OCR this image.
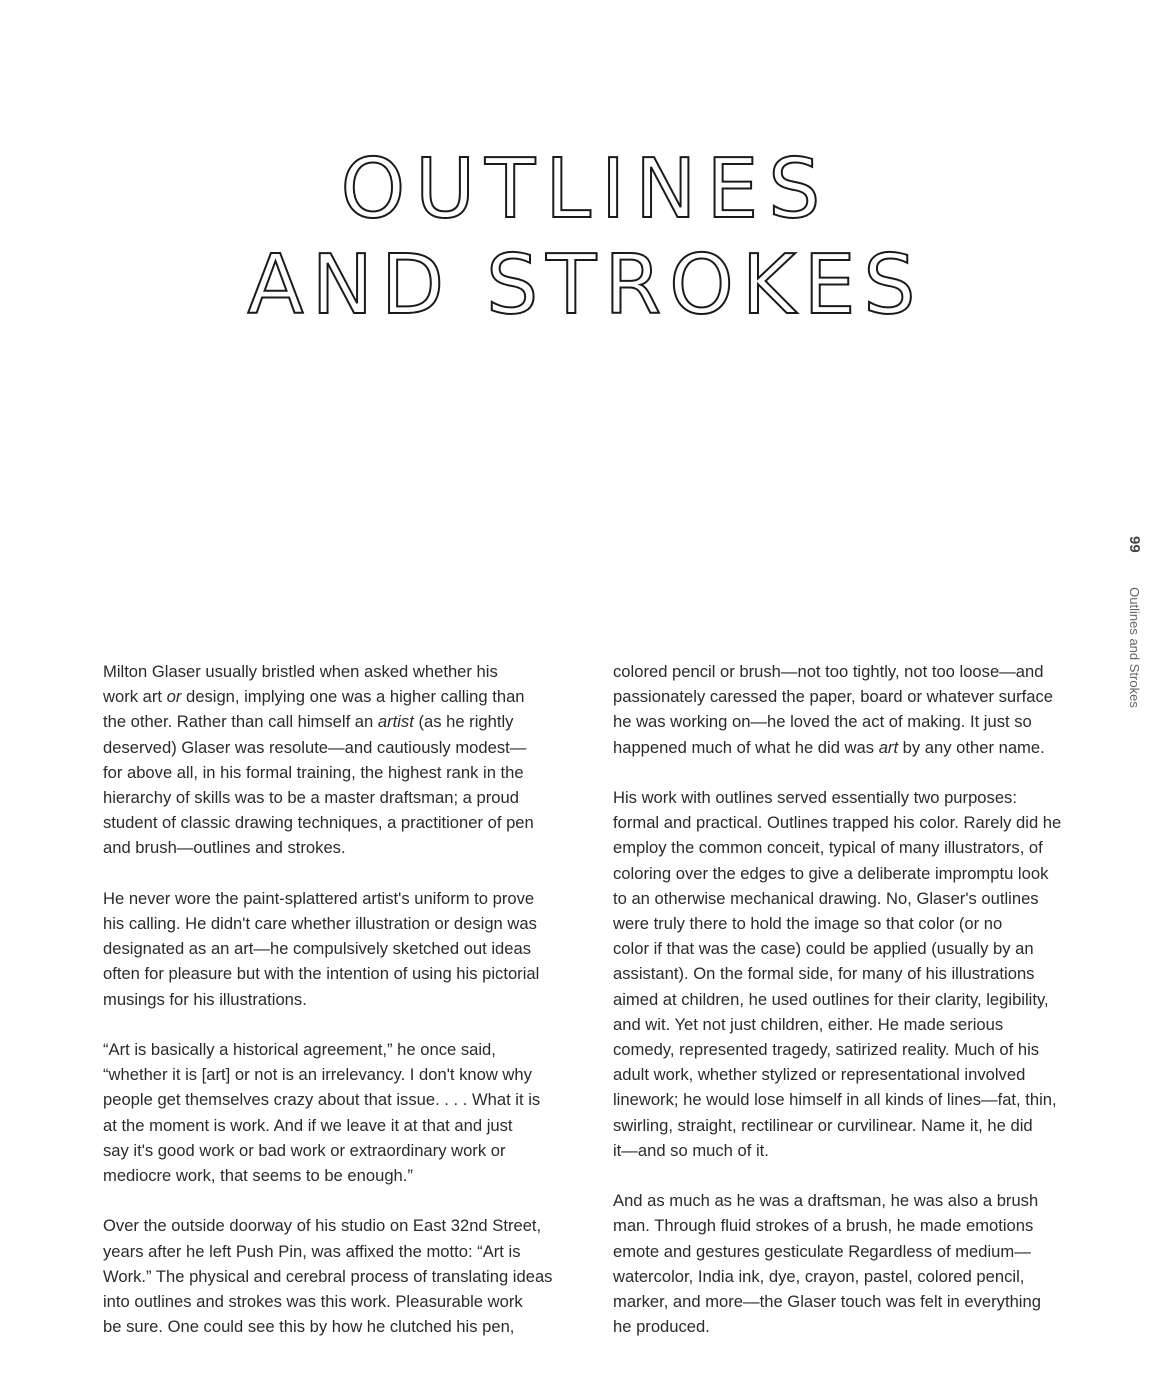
OUTLINES
AND STROKES
99 Outlines and Strokes

Milton Glaser usually bristled when asked whether his
work art or design, implying one was a higher calling than
the other. Rather than call himself an artist (as he rightly
deserved) Glaser was resolute—and cautiously modest—
for above all, in his formal training, the highest rank in the
hierarchy of skills was to be a master draftsman; a proud
student of classic drawing techniques, a practitioner of pen
and brush—outlines and strokes.

He never wore the paint-splattered artist's uniform to prove
his calling. He didn't care whether illustration or design was
designated as an art—he compulsively sketched out ideas
often for pleasure but with the intention of using his pictorial
musings for his illustrations.

“Art is basically a historical agreement,” he once said,
“whether it is [art] or not is an irrelevancy. I don't know why
people get themselves crazy about that issue. . . . What it is
at the moment is work. And if we leave it at that and just
say it's good work or bad work or extraordinary work or
mediocre work, that seems to be enough.”

Over the outside doorway of his studio on East 32nd Street,
years after he left Push Pin, was affixed the motto: “Art is
Work.” The physical and cerebral process of translating ideas
into outlines and strokes was this work. Pleasurable work
be sure. One could see this by how he clutched his pen,

colored pencil or brush—not too tightly, not too loose—and
passionately caressed the paper, board or whatever surface
he was working on—he loved the act of making. It just so
happened much of what he did was art by any other name.

His work with outlines served essentially two purposes:
formal and practical. Outlines trapped his color. Rarely did he
employ the common conceit, typical of many illustrators, of
coloring over the edges to give a deliberate impromptu look
to an otherwise mechanical drawing. No, Glaser's outlines
were truly there to hold the image so that color (or no
color if that was the case) could be applied (usually by an
assistant). On the formal side, for many of his illustrations
aimed at children, he used outlines for their clarity, legibility,
and wit. Yet not just children, either. He made serious
comedy, represented tragedy, satirized reality. Much of his
adult work, whether stylized or representational involved
linework; he would lose himself in all kinds of lines—fat, thin,
swirling, straight, rectilinear or curvilinear. Name it, he did
it—and so much of it.

And as much as he was a draftsman, he was also a brush
man. Through fluid strokes of a brush, he made emotions
emote and gestures gesticulate Regardless of medium—
watercolor, India ink, dye, crayon, pastel, colored pencil,
marker, and more—the Glaser touch was felt in everything
he produced.
